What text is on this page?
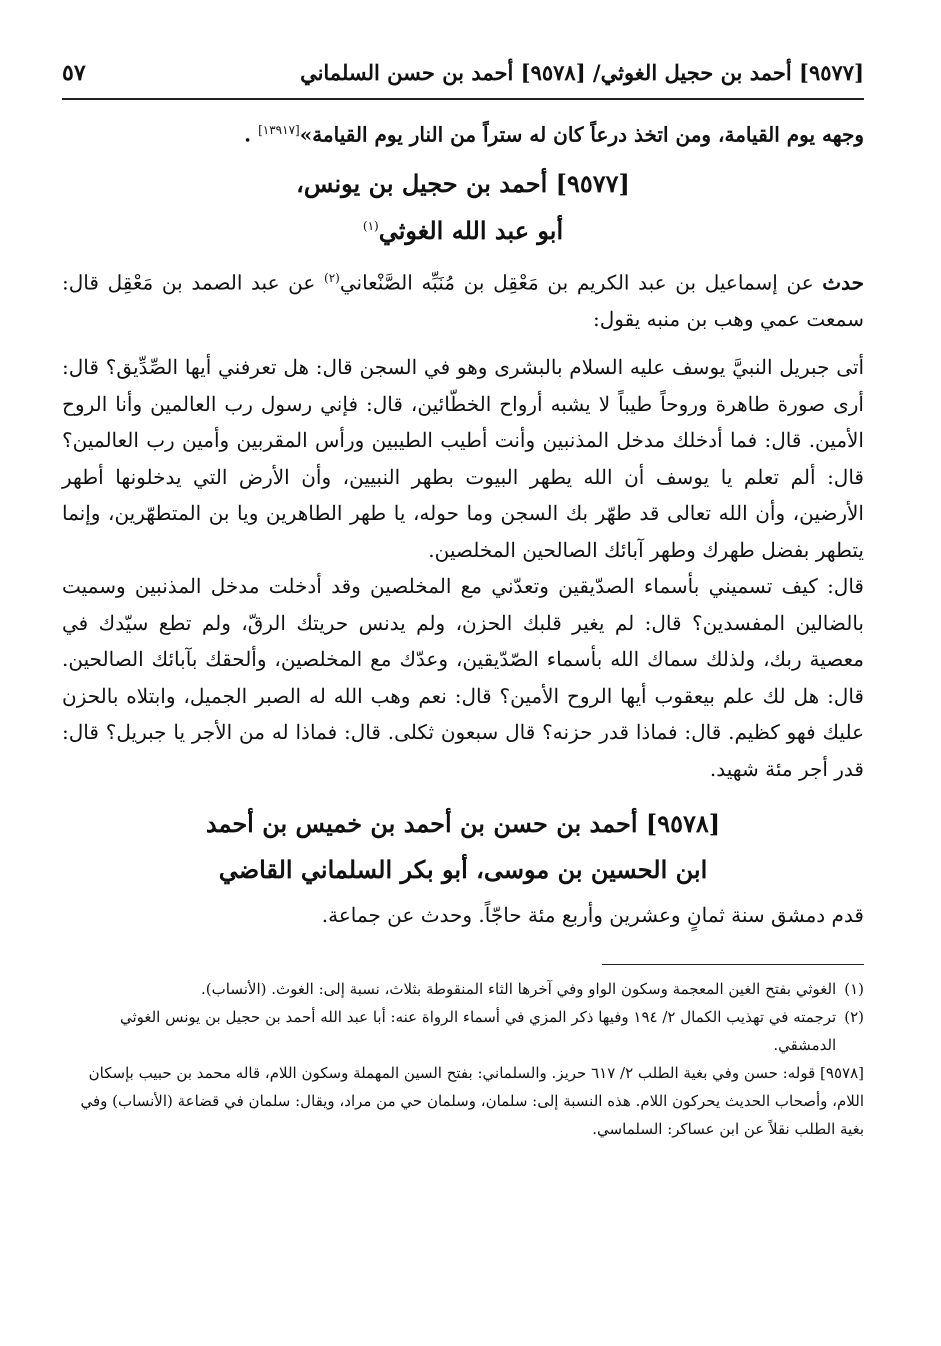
[٩٥٧٧] أحمد بن حجيل الغوثي/ [٩٥٧٨] أحمد بن حسن السلماني
٥٧

وجهه يوم القيامة، ومن اتخذ درعاً كان له ستراً من النار يوم القيامة»[١٣٩١٧] .

[٩٥٧٧] أحمد بن حجيل بن يونس،
أبو عبد الله الغوثي$^{(١)}$

حدث عن إسماعيل بن عبد الكريم بن مَعْقِل بن مُنَبِّه الصَّنْعاني$^{(٢)}$ عن عبد الصمد بن مَعْقِل قال: سمعت عمي وهب بن منبه يقول:

أتى جبريل النبيَّ يوسف عليه السلام بالبشرى وهو في السجن قال: هل تعرفني أيها الصِّدِّيق؟ قال: أرى صورة طاهرة وروحاً طيباً لا يشبه أرواح الخطّائين، قال: فإني رسول رب العالمين وأنا الروح الأمين. قال: فما أدخلك مدخل المذنبين وأنت أطيب الطيبين ورأس المقربين وأمين رب العالمين؟ قال: ألم تعلم يا يوسف أن الله يطهر البيوت بطهر النبيين، وأن الأرض التي يدخلونها أطهر الأرضين، وأن الله تعالى قد طهّر بك السجن وما حوله، يا طهر الطاهرين ويا بن المتطهّرين، وإنما يتطهر بفضل طهرك وطهر آبائك الصالحين المخلصين.

قال: كيف تسميني بأسماء الصدّيقين وتعدّني مع المخلصين وقد أدخلت مدخل المذنبين وسميت بالضالين المفسدين؟ قال: لم يغير قلبك الحزن، ولم يدنس حريتك الرقّ، ولم تطع سيّدك في معصية ربك، ولذلك سماك الله بأسماء الصّدّيقين، وعدّك مع المخلصين، وألحقك بآبائك الصالحين. قال: هل لك علم بيعقوب أيها الروح الأمين؟ قال: نعم وهب الله له الصبر الجميل، وابتلاه بالحزن عليك فهو كظيم. قال: فماذا قدر حزنه؟ قال سبعون ثكلى. قال: فماذا له من الأجر يا جبريل؟ قال: قدر أجر مئة شهيد.

[٩٥٧٨] أحمد بن حسن بن أحمد بن خميس بن أحمد
ابن الحسين بن موسى، أبو بكر السلماني القاضي

قدم دمشق سنة ثمانٍ وعشرين وأربع مئة حاجّاً. وحدث عن جماعة.

(١)
الغوثي بفتح الغين المعجمة وسكون الواو وفي آخرها الثاء المنقوطة بثلاث، نسبة إلى: الغوث. (الأنساب).
(٢)
ترجمته في تهذيب الكمال ٢/ ١٩٤ وفيها ذكر المزي في أسماء الرواة عنه: أبا عبد الله أحمد بن حجيل بن يونس الغوثي الدمشقي.

[٩٥٧٨] قوله: حسن وفي بغية الطلب ٢/ ٦١٧ حريز. والسلماني: بفتح السين المهملة وسكون اللام، قاله محمد بن حبيب بإسكان اللام، وأصحاب الحديث يحركون اللام. هذه النسبة إلى: سلمان، وسلمان حي من مراد، ويقال: سلمان في قضاعة (الأنساب) وفي بغية الطلب نقلاً عن ابن عساكر: السلماسي.
